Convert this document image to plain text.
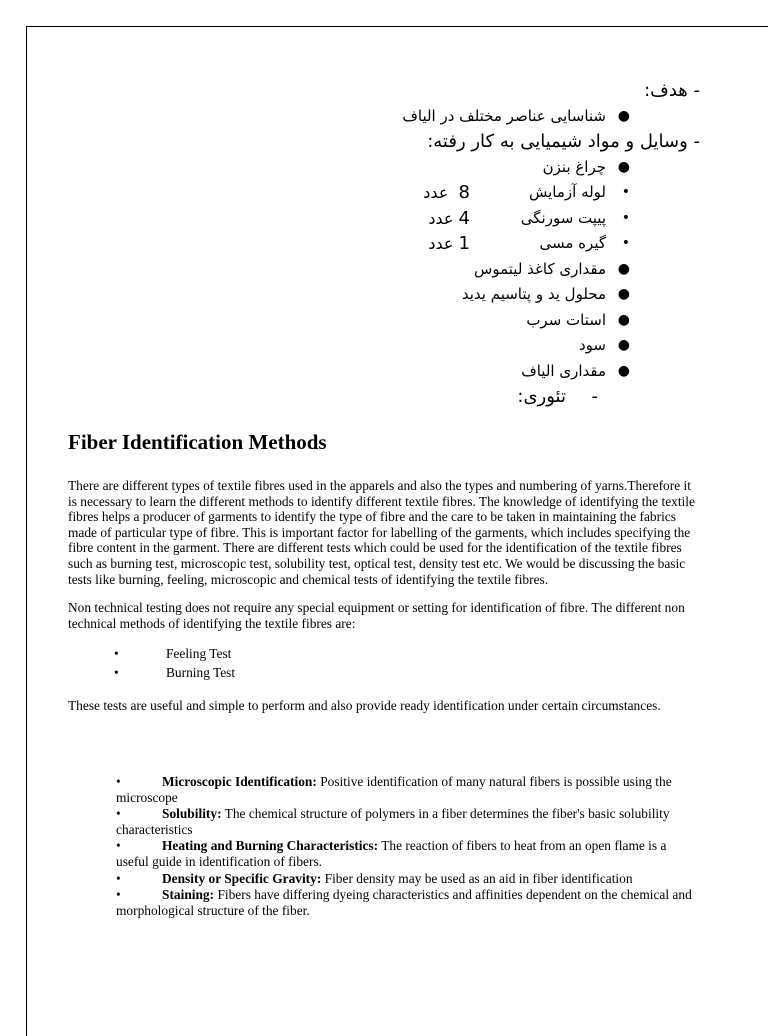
- هدف:
●
شناسایی عناصر مختلف در الیاف
- وسایل و مواد شیمیایی به کار رفته:
●
چراغ بنزن
•
لوله آزمایش
8  عدد
•
پیپت سورنگی
4 عدد
•
گیره مسی
1 عدد
●
مقداری کاغذ لیتموس
●
محلول ید و پتاسیم یدید
●
استات سرب
●
سود
●
مقداری الیاف
-
تئوری:
Fiber Identification Methods

There are different types of textile fibres used in the apparels and also the types and numbering of yarns.Therefore it is necessary to learn the different methods to identify different textile fibres. The knowledge of identifying the textile fibres helps a producer of garments to identify the type of fibre and the care to be taken in maintaining the fabrics made of particular type of fibre. This is important factor for labelling of the garments, which includes specifying the fibre content in the garment. There are different tests which could be used for the identification of the textile fibres such as burning test, microscopic test, solubility test, optical test, density test etc. We would be discussing the basic tests like burning, feeling, microscopic and chemical tests of identifying the textile fibres.

Non technical testing does not require any special equipment or setting for identification of fibre. The different non technical methods of identifying the textile fibres are:

• Feeling Test
• Burning Test

These tests are useful and simple to perform and also provide ready identification under certain circumstances.

•	Microscopic Identification: Positive identification of many natural fibers is possible using the microscope
•	Solubility: The chemical structure of polymers in a fiber determines the fiber's basic solubility characteristics
•	Heating and Burning Characteristics: The reaction of fibers to heat from an open flame is a useful guide in identification of fibers.
•	Density or Specific Gravity: Fiber density may be used as an aid in fiber identification
•	Staining: Fibers have differing dyeing characteristics and affinities dependent on the chemical and morphological structure of the fiber.
